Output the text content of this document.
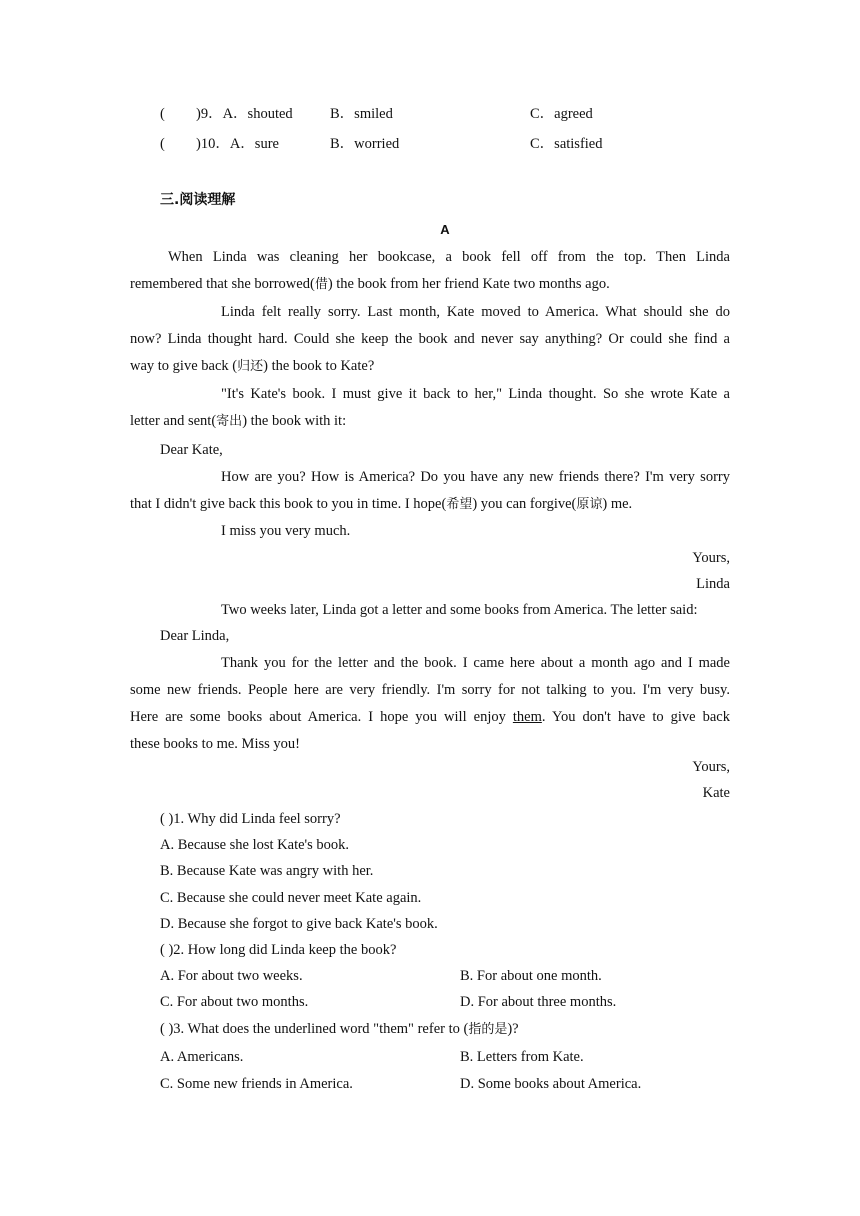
( )9．A．shouted	B．smiled	C．agreed
( )10．A．sure	B．worried	C．satisfied
三.阅读理解
A
When Linda was cleaning her bookcase, a book fell off from the top. Then Linda
remembered that she borrowed(借) the book from her friend Kate two months ago.
Linda felt really sorry. Last month, Kate moved to America. What should she do
now? Linda thought hard. Could she keep the book and never say anything? Or could she find a
way to give back (归还) the book to Kate?
"It's Kate's book. I must give it back to her," Linda thought. So she wrote Kate a
letter and sent(寄出) the book with it:
Dear Kate,
How are you? How is America? Do you have any new friends there? I'm very sorry
that I didn't give back this book to you in time. I hope(希望) you can forgive(原谅) me.
I miss you very much.
Yours,
Linda
Two weeks later, Linda got a letter and some books from America. The letter said:
Dear Linda,
Thank you for the letter and the book. I came here about a month ago and I made
some new friends. People here are very friendly. I'm sorry for not talking to you. I'm very busy.
Here are some books about America. I hope you will enjoy them. You don't have to give back
these books to me. Miss you!
Yours,
Kate
( )1. Why did Linda feel sorry?
A. Because she lost Kate's book.
B. Because Kate was angry with her.
C. Because she could never meet Kate again.
D. Because she forgot to give back Kate's book.
( )2. How long did Linda keep the book?
A. For about two weeks.	B. For about one month.
C. For about two months.	D. For about three months.
( )3. What does the underlined word "them" refer to (指的是)?
A. Americans.	B. Letters from Kate.
C. Some new friends in America.	D. Some books about America.
